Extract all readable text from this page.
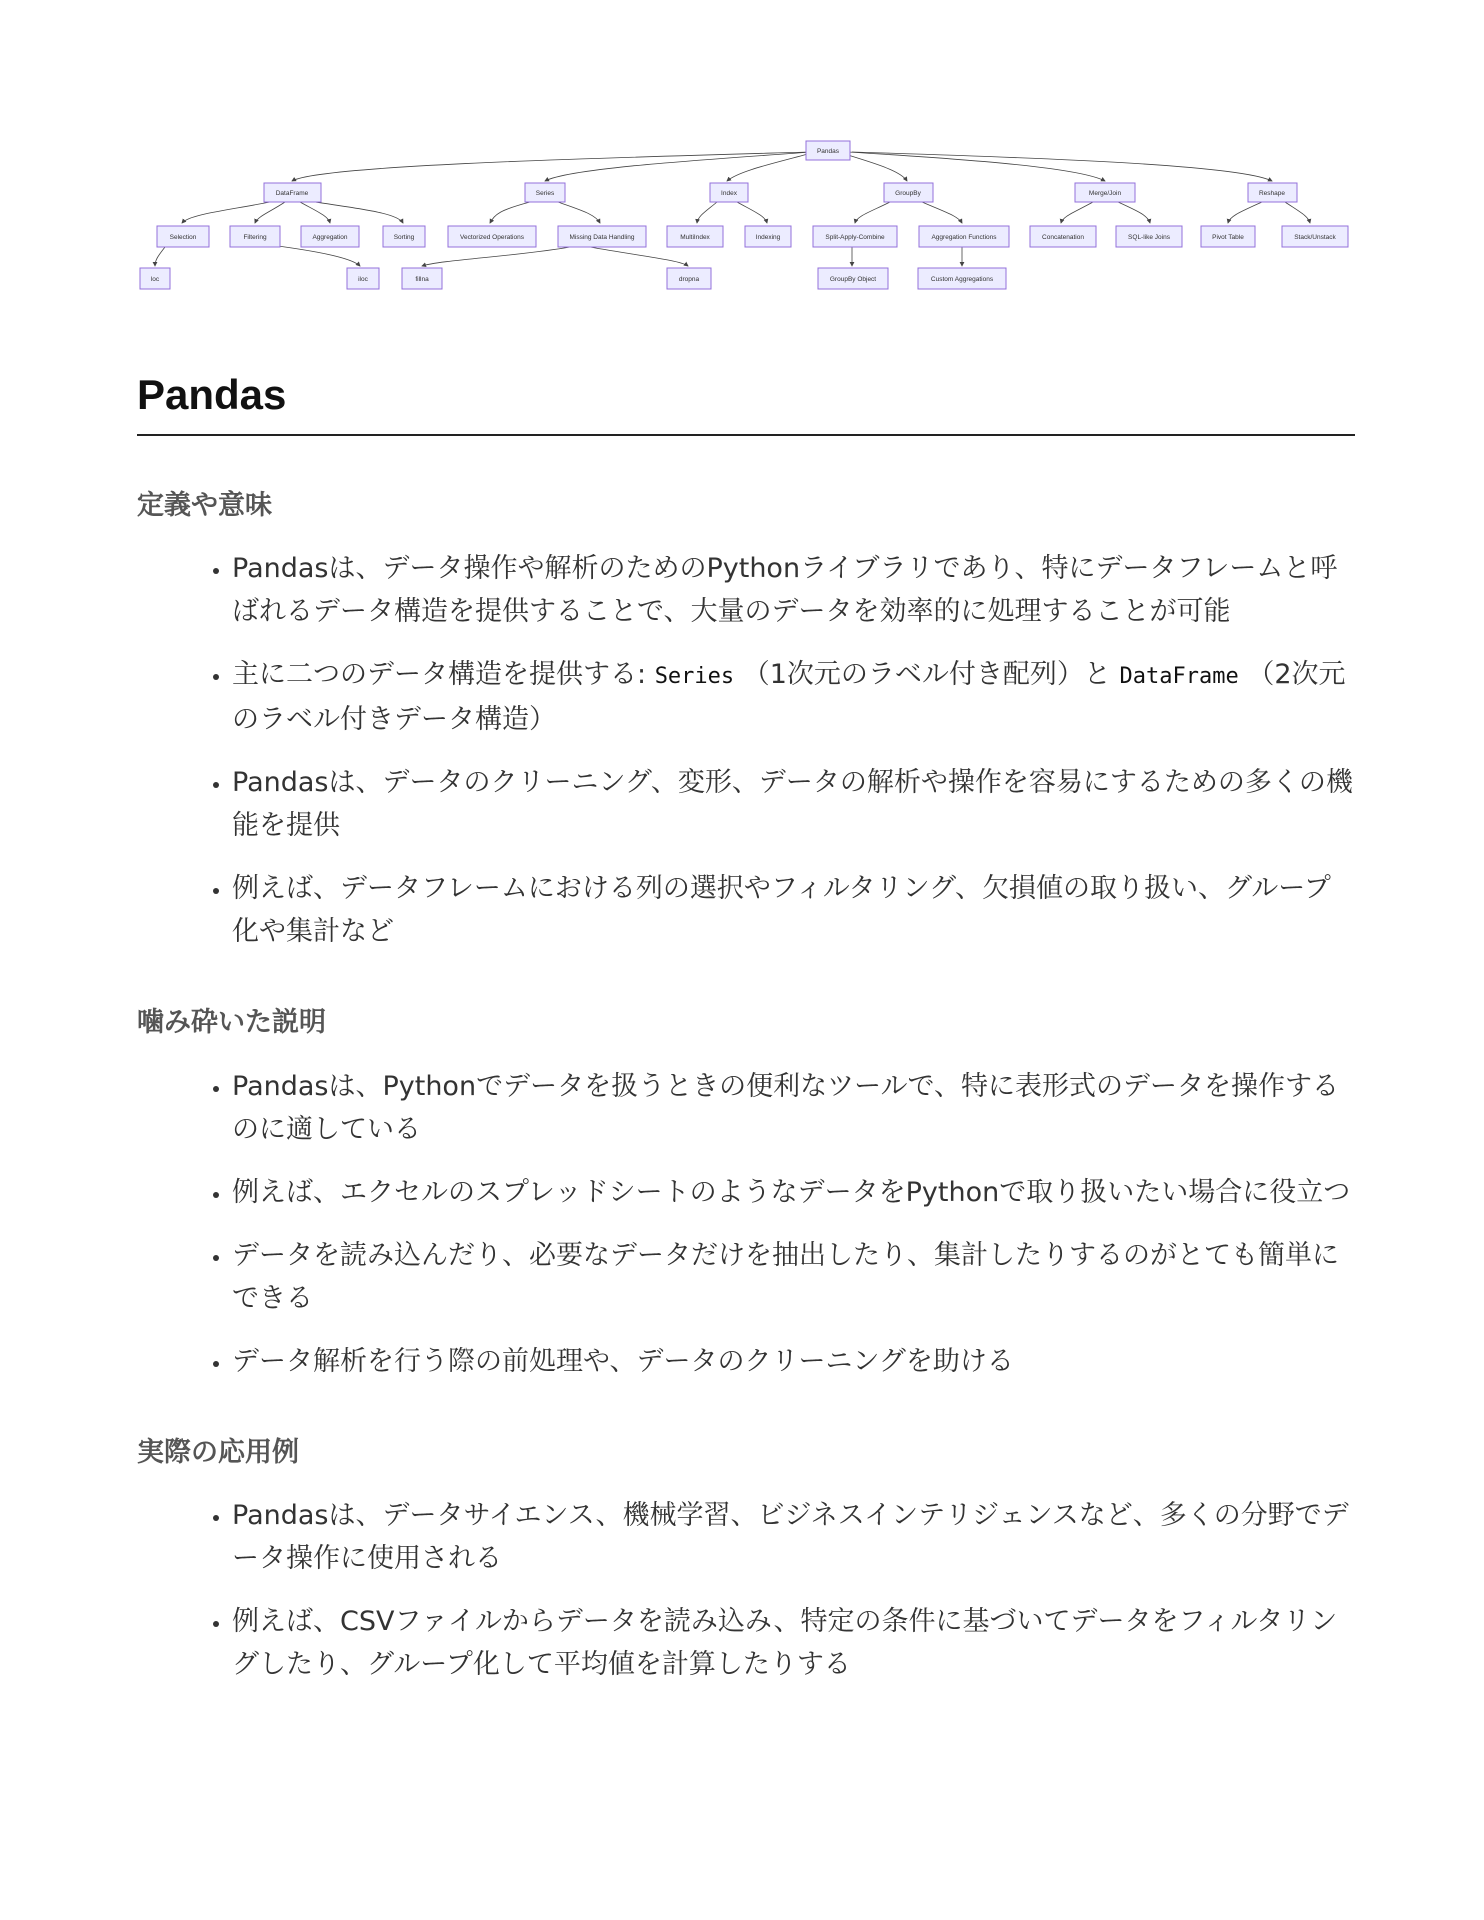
Pandas
DataFrame	Series	Index	GroupBy	Merge/Join	Reshape
Selection	Filtering	Aggregation	Sorting	Vectorized Operations	Missing Data Handling	MultiIndex	Indexing	Split-Apply-Combine	Aggregation Functions	Concatenation	SQL-like Joins	Pivot Table	Stack/Unstack
loc	iloc	fillna	dropna	GroupBy Object	Custom Aggregations
Pandas
定義や意味
• Pandasは、データ操作や解析のためのPythonライブラリであり、特にデータフレームと呼ばれるデータ構造を提供することで、大量のデータを効率的に処理することが可能
• 主に二つのデータ構造を提供する: Series （1次元のラベル付き配列）と DataFrame （2次元のラベル付きデータ構造）
• Pandasは、データのクリーニング、変形、データの解析や操作を容易にするための多くの機能を提供
• 例えば、データフレームにおける列の選択やフィルタリング、欠損値の取り扱い、グループ化や集計など
噛み砕いた説明
• Pandasは、Pythonでデータを扱うときの便利なツールで、特に表形式のデータを操作するのに適している
• 例えば、エクセルのスプレッドシートのようなデータをPythonで取り扱いたい場合に役立つ
• データを読み込んだり、必要なデータだけを抽出したり、集計したりするのがとても簡単にできる
• データ解析を行う際の前処理や、データのクリーニングを助ける
実際の応用例
• Pandasは、データサイエンス、機械学習、ビジネスインテリジェンスなど、多くの分野でデータ操作に使用される
• 例えば、CSVファイルからデータを読み込み、特定の条件に基づいてデータをフィルタリングしたり、グループ化して平均値を計算したりする
